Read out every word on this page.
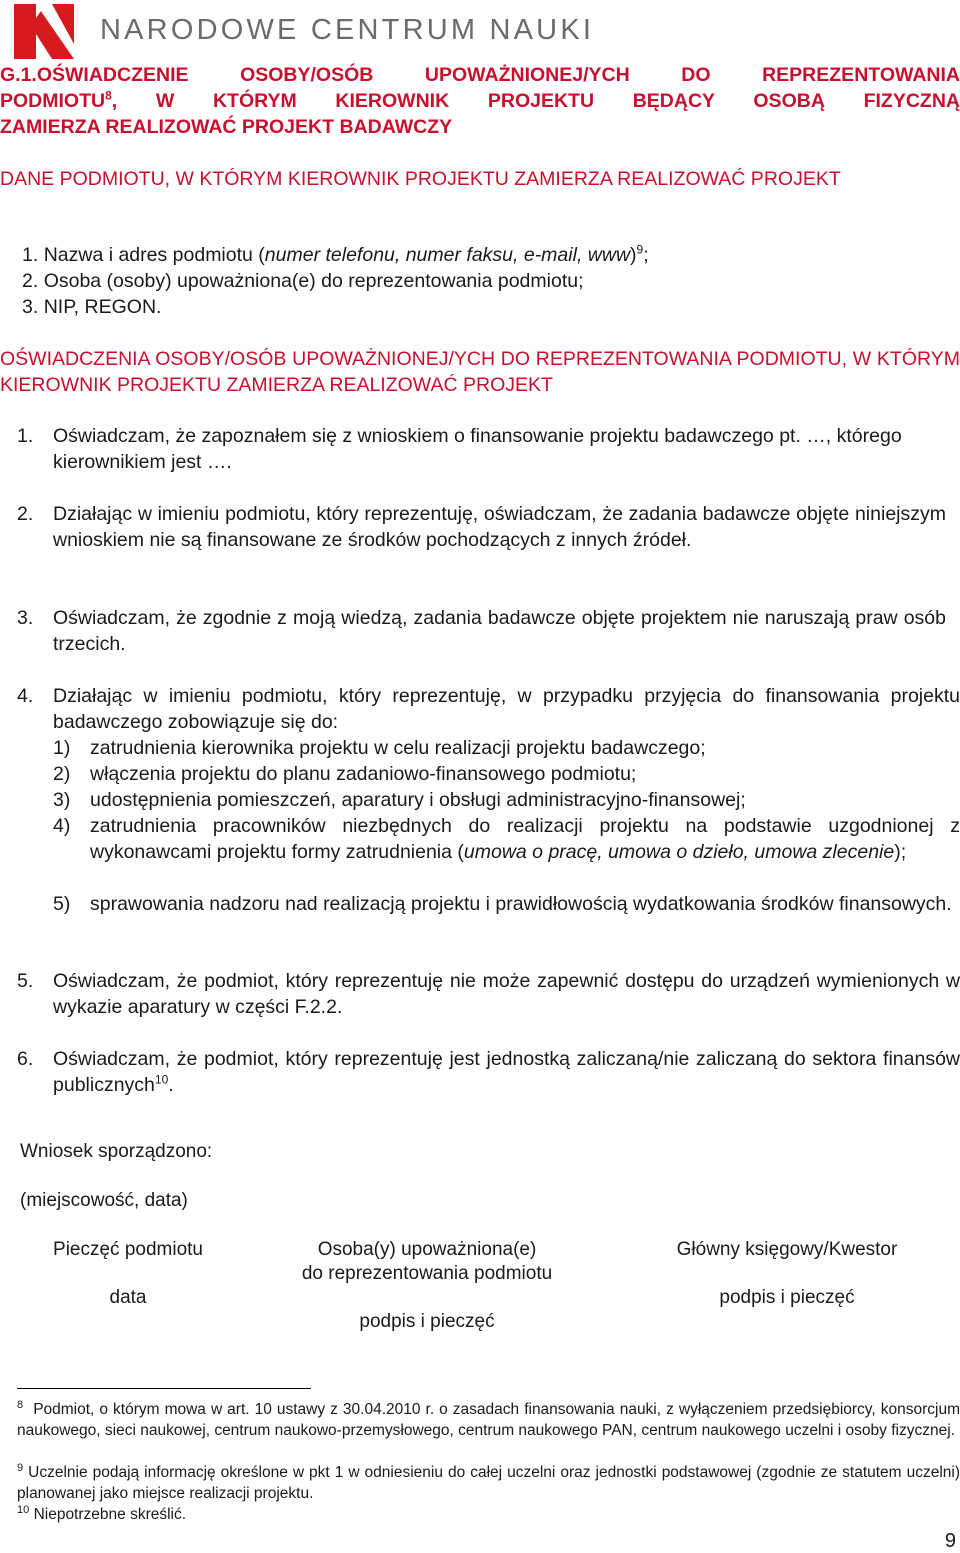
NARODOWE CENTRUM NAUKI
G.1.OŚWIADCZENIE OSOBY/OSÓB UPOWAŻNIONEJ/YCH DO REPREZENTOWANIA
PODMIOTU$^8$, W KTÓRYM KIEROWNIK PROJEKTU BĘDĄCY OSOBĄ FIZYCZNĄ
ZAMIERZA REALIZOWAĆ PROJEKT BADAWCZY
DANE PODMIOTU, W KTÓRYM KIEROWNIK PROJEKTU ZAMIERZA REALIZOWAĆ PROJEKT
1. Nazwa i adres podmiotu (numer telefonu, numer faksu, e-mail, www)$^9$;
2. Osoba (osoby) upoważniona(e) do reprezentowania podmiotu;
3. NIP, REGON.
OŚWIADCZENIA OSOBY/OSÓB UPOWAŻNIONEJ/YCH DO REPREZENTOWANIA PODMIOTU, W KTÓRYM KIEROWNIK PROJEKTU ZAMIERZA REALIZOWAĆ PROJEKT
1. Oświadczam, że zapoznałem się z wnioskiem o finansowanie projektu badawczego pt. …, którego kierownikiem jest ….
2. Działając w imieniu podmiotu, który reprezentuję, oświadczam, że zadania badawcze objęte niniejszym wnioskiem nie są finansowane ze środków pochodzących z innych źródeł.
3. Oświadczam, że zgodnie z moją wiedzą, zadania badawcze objęte projektem nie naruszają praw osób trzecich.
4. Działając w imieniu podmiotu, który reprezentuję, w przypadku przyjęcia do finansowania projektu badawczego zobowiązuje się do:
1) zatrudnienia kierownika projektu w celu realizacji projektu badawczego;
2) włączenia projektu do planu zadaniowo-finansowego podmiotu;
3) udostępnienia pomieszczeń, aparatury i obsługi administracyjno-finansowej;
4) zatrudnienia pracowników niezbędnych do realizacji projektu na podstawie uzgodnionej z wykonawcami projektu formy zatrudnienia (umowa o pracę, umowa o dzieło, umowa zlecenie);
5) sprawowania nadzoru nad realizacją projektu i prawidłowością wydatkowania środków finansowych.
5. Oświadczam, że podmiot, który reprezentuję nie może zapewnić dostępu do urządzeń wymienionych w wykazie aparatury w części F.2.2.
6. Oświadczam, że podmiot, który reprezentuję jest jednostką zaliczaną/nie zaliczaną do sektora finansów publicznych$^{10}$.
Wniosek sporządzono:
(miejscowość, data)
Pieczęć podmiotu
data
Osoba(y) upoważniona(e)
do reprezentowania podmiotu
podpis i pieczęć
Główny księgowy/Kwestor
podpis i pieczęć
$^8$ Podmiot, o którym mowa w art. 10 ustawy z 30.04.2010 r. o zasadach finansowania nauki, z wyłączeniem przedsiębiorcy, konsorcjum naukowego, sieci naukowej, centrum naukowo-przemysłowego, centrum naukowego PAN, centrum naukowego uczelni i osoby fizycznej.
$^9$ Uczelnie podają informację określone w pkt 1 w odniesieniu do całej uczelni oraz jednostki podstawowej (zgodnie ze statutem uczelni) planowanej jako miejsce realizacji projektu.
$^{10}$ Niepotrzebne skreślić.
9
